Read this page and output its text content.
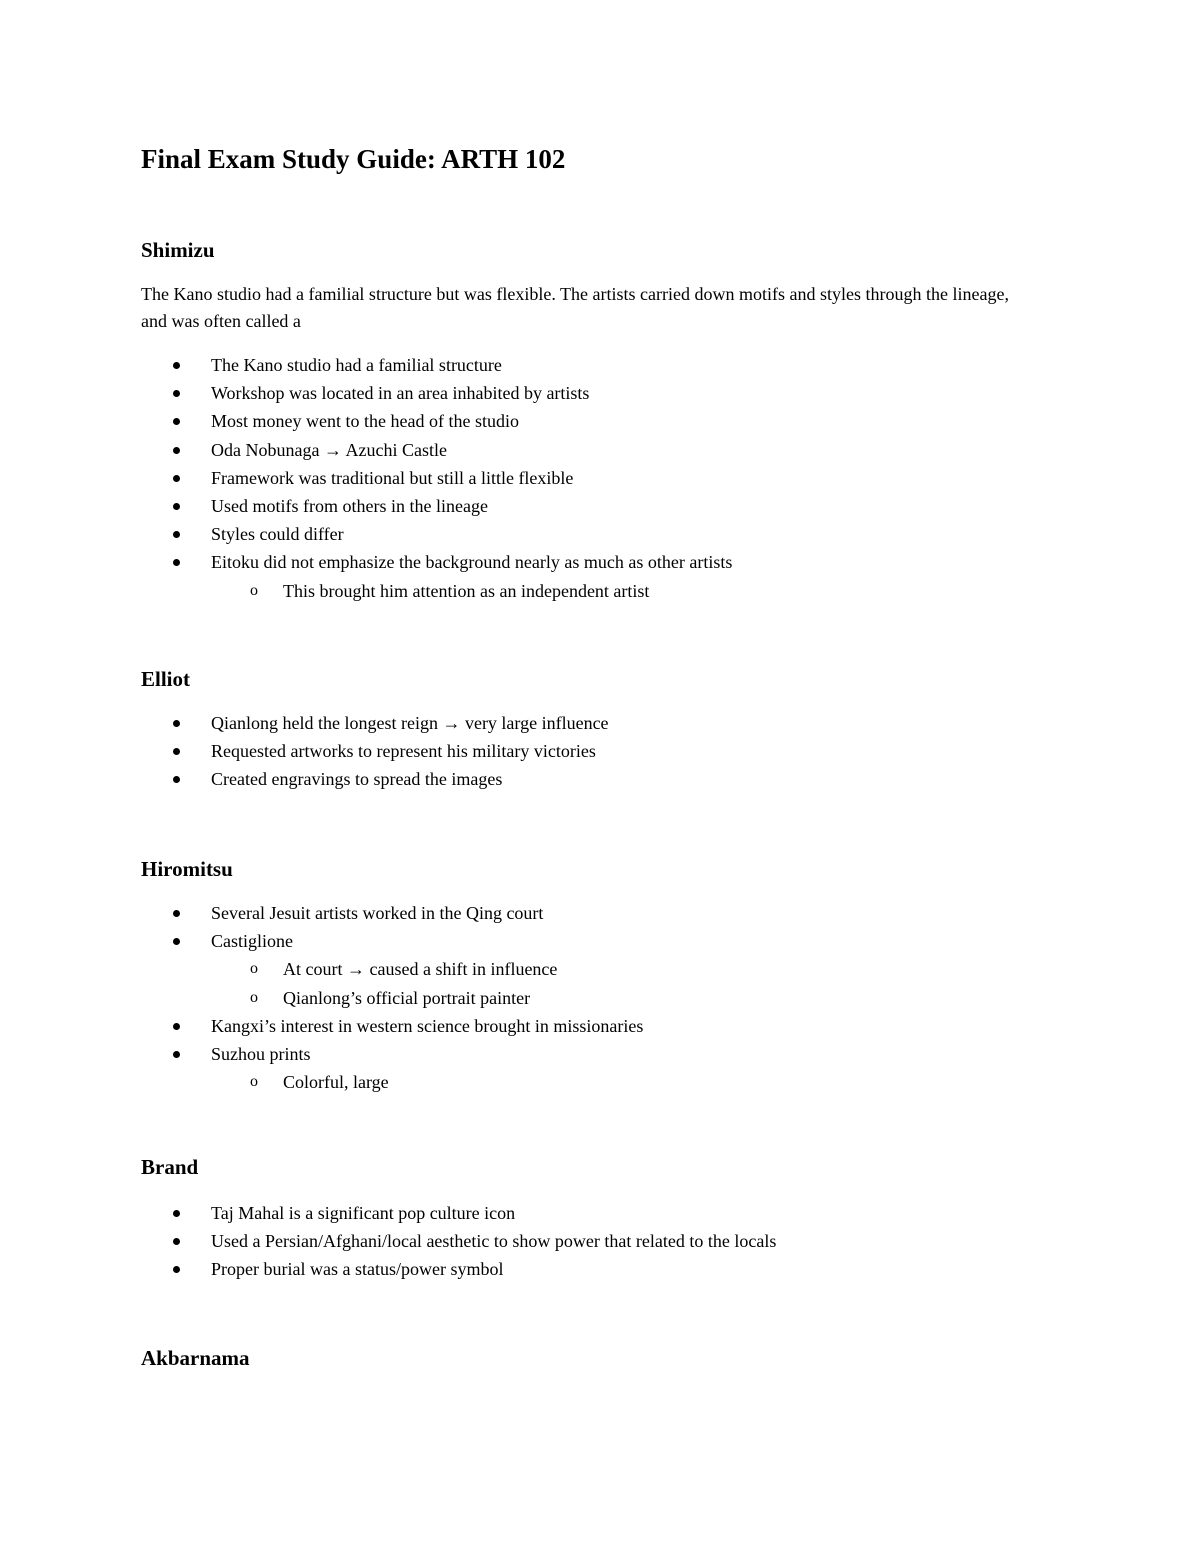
Final Exam Study Guide: ARTH 102
Shimizu
The Kano studio had a familial structure but was flexible. The artists carried down motifs and styles through the lineage, and was often called a
The Kano studio had a familial structure
Workshop was located in an area inhabited by artists
Most money went to the head of the studio
Oda Nobunaga → Azuchi Castle
Framework was traditional but still a little flexible
Used motifs from others in the lineage
Styles could differ
Eitoku did not emphasize the background nearly as much as other artists
o This brought him attention as an independent artist
Elliot
Qianlong held the longest reign → very large influence
Requested artworks to represent his military victories
Created engravings to spread the images
Hiromitsu
Several Jesuit artists worked in the Qing court
Castiglione
o At court → caused a shift in influence
o Qianlong’s official portrait painter
Kangxi’s interest in western science brought in missionaries
Suzhou prints
o Colorful, large
Brand
Taj Mahal is a significant pop culture icon
Used a Persian/Afghani/local aesthetic to show power that related to the locals
Proper burial was a status/power symbol
Akbarnama
